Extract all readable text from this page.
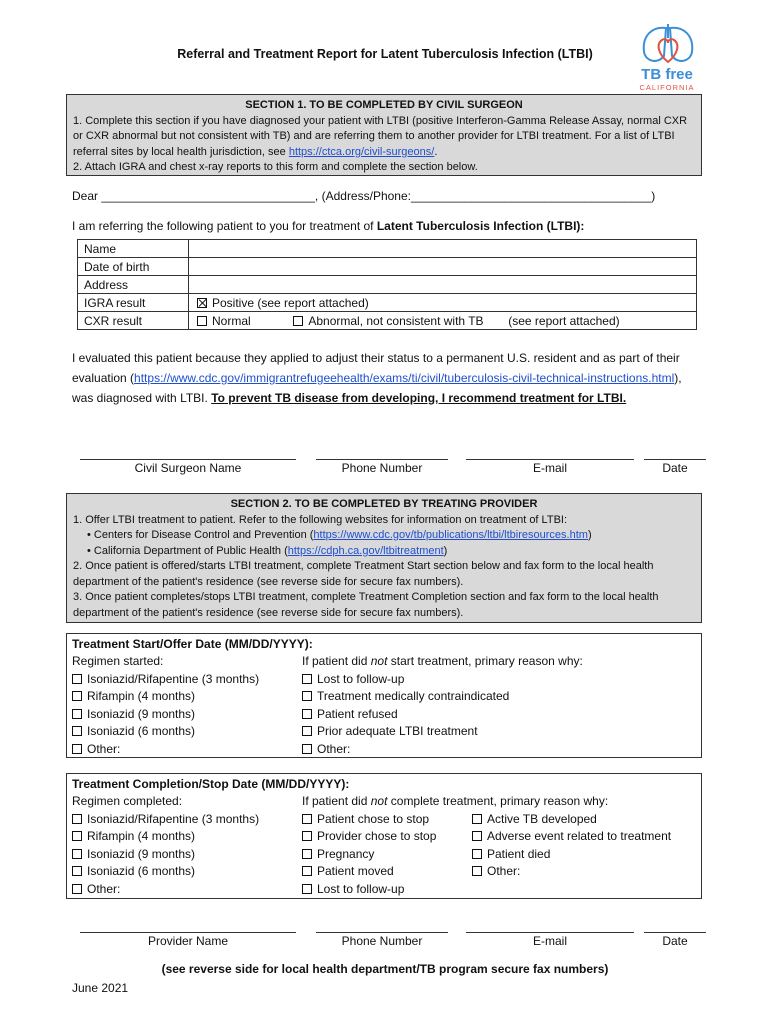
Referral and Treatment Report for Latent Tuberculosis Infection (LTBI)
TB free
CALIFORNIA
SECTION 1. TO BE COMPLETED BY CIVIL SURGEON
1. Complete this section if you have diagnosed your patient with LTBI (positive Interferon-Gamma Release Assay, normal CXR or CXR abnormal but not consistent with TB) and are referring them to another provider for LTBI treatment. For a list of LTBI referral sites by local health jurisdiction, see https://ctca.org/civil-surgeons/.
2. Attach IGRA and chest x-ray reports to this form and complete the section below.
Dear ________________________________, (Address/Phone:____________________________________)
I am referring the following patient to you for treatment of Latent Tuberculosis Infection (LTBI):
Name	
Date of birth	
Address	
IGRA result	Positive (see report attached)
CXR result	Normal Abnormal, not consistent with TB (see report attached)
I evaluated this patient because they applied to adjust their status to a permanent U.S. resident and as part of their evaluation (https://www.cdc.gov/immigrantrefugeehealth/exams/ti/civil/tuberculosis-civil-technical-instructions.html), was diagnosed with LTBI. To prevent TB disease from developing, I recommend treatment for LTBI.
Civil Surgeon Name	Phone Number	E-mail	Date
SECTION 2. TO BE COMPLETED BY TREATING PROVIDER
1. Offer LTBI treatment to patient. Refer to the following websites for information on treatment of LTBI:
• Centers for Disease Control and Prevention (https://www.cdc.gov/tb/publications/ltbi/ltbiresources.htm)
• California Department of Public Health (https://cdph.ca.gov/ltbitreatment)
2. Once patient is offered/starts LTBI treatment, complete Treatment Start section below and fax form to the local health department of the patient's residence (see reverse side for secure fax numbers).
3. Once patient completes/stops LTBI treatment, complete Treatment Completion section and fax form to the local health department of the patient's residence (see reverse side for secure fax numbers).
Treatment Start/Offer Date (MM/DD/YYYY):
Regimen started:
Isoniazid/Rifapentine (3 months)
Rifampin (4 months)
Isoniazid (9 months)
Isoniazid (6 months)
Other:
If patient did not start treatment, primary reason why:
Lost to follow-up
Treatment medically contraindicated
Patient refused
Prior adequate LTBI treatment
Other:
Treatment Completion/Stop Date (MM/DD/YYYY):
Regimen completed:
Isoniazid/Rifapentine (3 months)
Rifampin (4 months)
Isoniazid (9 months)
Isoniazid (6 months)
Other:
If patient did not complete treatment, primary reason why:
Patient chose to stop
Provider chose to stop
Pregnancy
Patient moved
Lost to follow-up
Active TB developed
Adverse event related to treatment
Patient died
Other:
Provider Name	Phone Number	E-mail	Date
(see reverse side for local health department/TB program secure fax numbers)
June 2021
